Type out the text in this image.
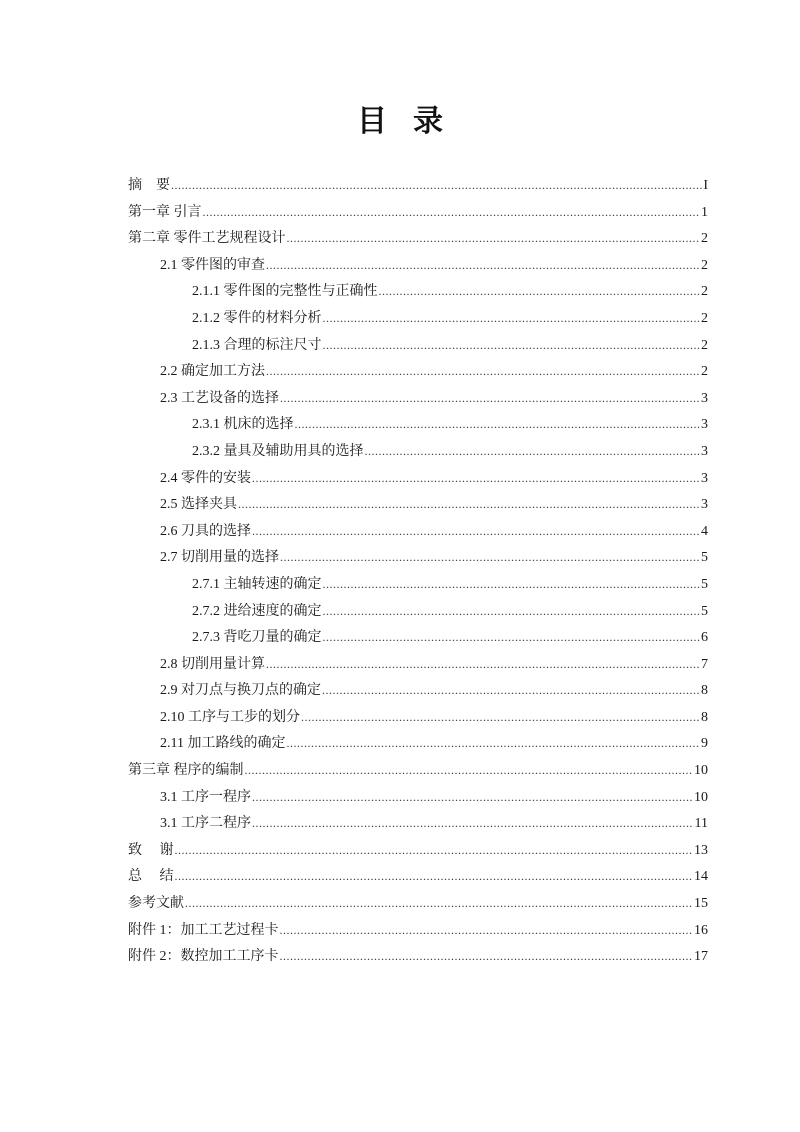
目录
摘　要 .....	I
第一章 引言 .....	1
第二章 零件工艺规程设计 .....	2
2.1 零件图的审查 .....	2
2.1.1 零件图的完整性与正确性 .....	2
2.1.2 零件的材料分析 .....	2
2.1.3 合理的标注尺寸 .....	2
2.2 确定加工方法 .....	2
2.3 工艺设备的选择 .....	3
2.3.1 机床的选择 .....	3
2.3.2 量具及辅助用具的选择 .....	3
2.4 零件的安装 .....	3
2.5 选择夹具 .....	3
2.6 刀具的选择 .....	4
2.7 切削用量的选择 .....	5
2.7.1 主轴转速的确定 .....	5
2.7.2 进给速度的确定 .....	5
2.7.3 背吃刀量的确定 .....	6
2.8 切削用量计算 .....	7
2.9 对刀点与换刀点的确定 .....	8
2.10 工序与工步的划分 .....	8
2.11 加工路线的确定 .....	9
第三章 程序的编制 .....	10
3.1 工序一程序 .....	10
3.1 工序二程序 .....	11
致　 谢 .....	13
总　 结 .....	14
参考文献 .....	15
附件 1：加工工艺过程卡 .....	16
附件 2：数控加工工序卡 .....	17
